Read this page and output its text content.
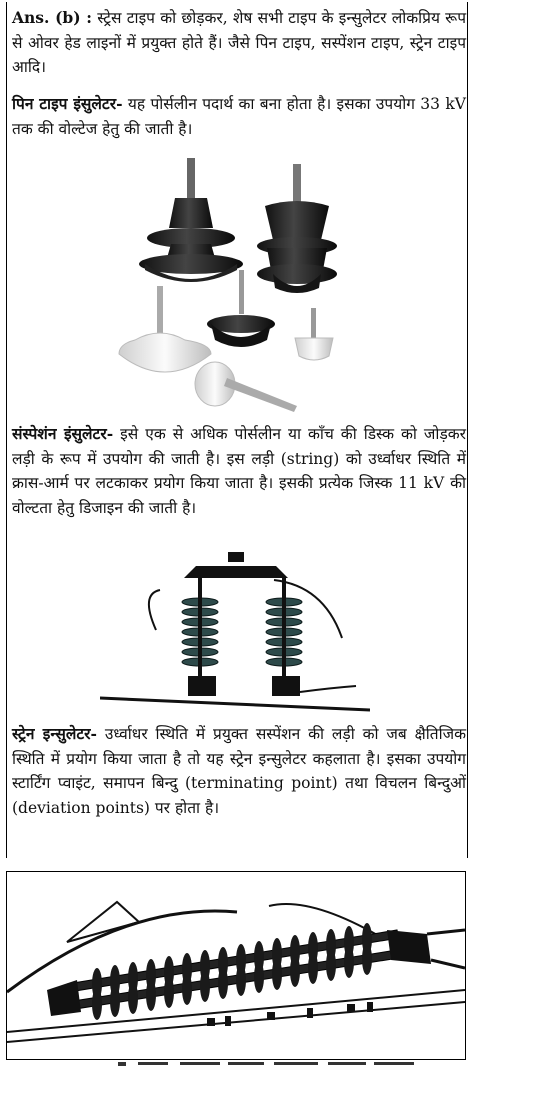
Ans. (b) : स्ट्रेस टाइप को छोड़कर, शेष सभी टाइप के इन्सुलेटर लोकप्रिय रूप से ओवर हेड लाइनों में प्रयुक्त होते हैं। जैसे पिन टाइप, सस्पेंशन टाइप, स्ट्रेन टाइप आदि।

पिन टाइप इंसुलेटर- यह पोर्सलीन पदार्थ का बना होता है। इसका उपयोग 33 kV तक की वोल्टेज हेतु की जाती है।

संस्पेशंन इंसुलेटर- इसे एक से अधिक पोर्सलीन या काँच की डिस्क को जोड़कर लड़ी के रूप में उपयोग की जाती है। इस लड़ी (string) को उर्ध्वाधर स्थिति में क्रास-आर्म पर लटकाकर प्रयोग किया जाता है। इसकी प्रत्येक जिस्क 11 kV की वोल्टता हेतु डिजाइन की जाती है।

स्ट्रेन इन्सुलेटर- उर्ध्वाधर स्थिति में प्रयुक्त सस्पेंशन की लड़ी को जब क्षैतिजिक स्थिति में प्रयोग किया जाता है तो यह स्ट्रेन इन्सुलेटर कहलाता है। इसका उपयोग स्टार्टिंग प्वाइंट, समापन बिन्दु (terminating point) तथा विचलन बिन्दुओं (deviation points) पर होता है।
